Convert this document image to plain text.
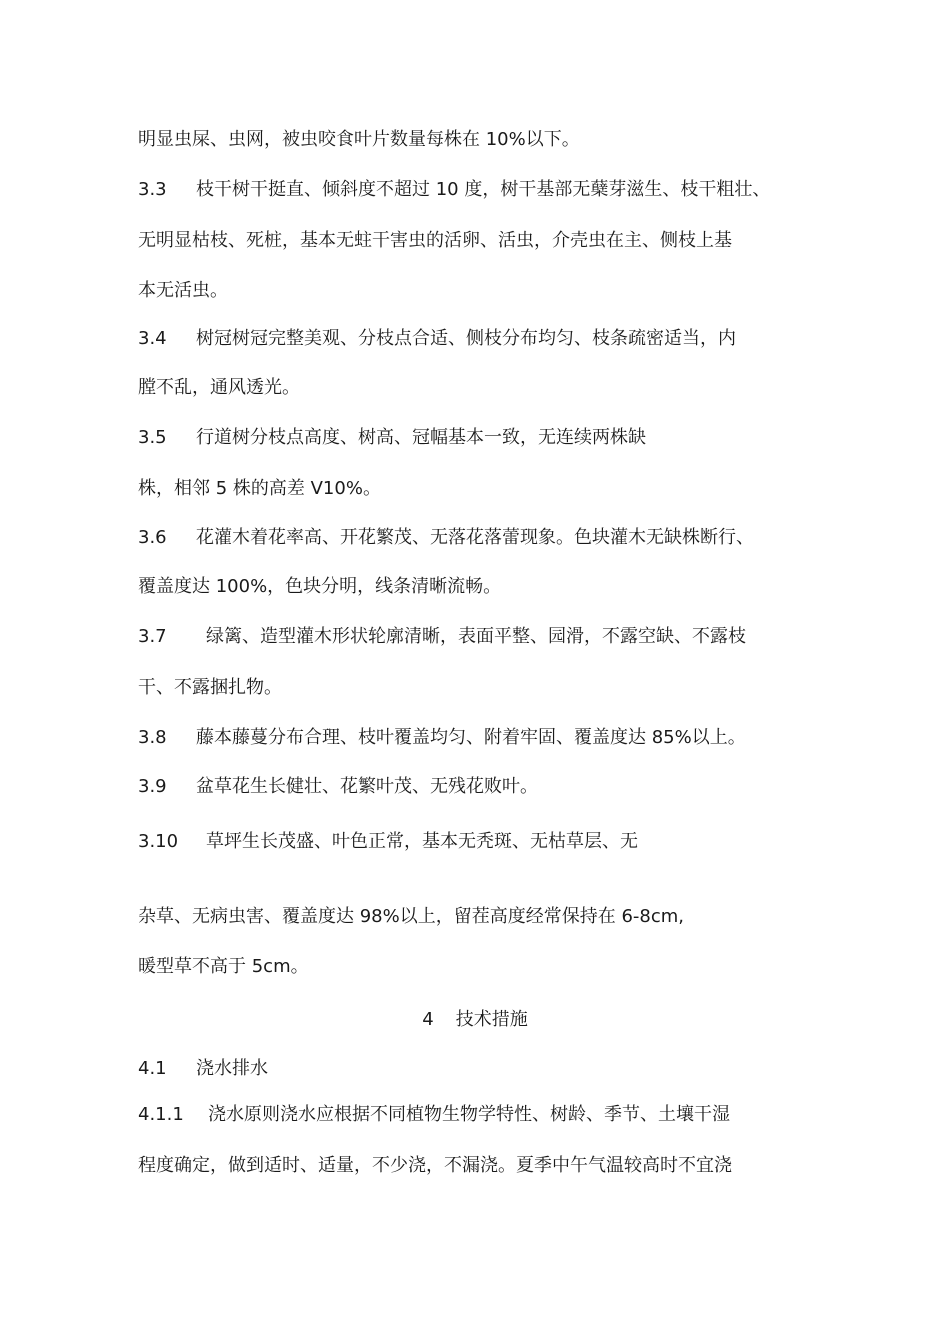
明显虫屎、虫网，被虫咬食叶片数量每株在 10%以下。
3.3 枝干树干挺直、倾斜度不超过 10 度，树干基部无蘖芽滋生、枝干粗壮、
无明显枯枝、死桩，基本无蛀干害虫的活卵、活虫，介壳虫在主、侧枝上基
本无活虫。
3.4 树冠树冠完整美观、分枝点合适、侧枝分布均匀、枝条疏密适当，内
膛不乱，通风透光。
3.5 行道树分枝点高度、树高、冠幅基本一致，无连续两株缺
株，相邻 5 株的高差 V10%。
3.6 花灌木着花率高、开花繁茂、无落花落蕾现象。色块灌木无缺株断行、
覆盖度达 100%，色块分明，线条清晰流畅。
3.7 绿篱、造型灌木形状轮廓清晰，表面平整、园滑，不露空缺、不露枝
干、不露捆扎物。
3.8 藤本藤蔓分布合理、枝叶覆盖均匀、附着牢固、覆盖度达 85%以上。
3.9 盆草花生长健壮、花繁叶茂、无残花败叶。
3.10 草坪生长茂盛、叶色正常，基本无秃斑、无枯草层、无
杂草、无病虫害、覆盖度达 98%以上，留茬高度经常保持在 6-8cm,
暖型草不高于 5cm。
4 技术措施
4.1 浇水排水
4.1.1 浇水原则浇水应根据不同植物生物学特性、树龄、季节、土壤干湿
程度确定，做到适时、适量，不少浇，不漏浇。夏季中午气温较高时不宜浇
